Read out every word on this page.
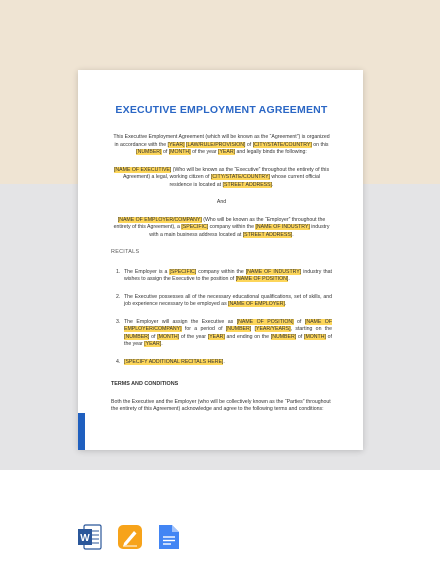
EXECUTIVE EMPLOYMENT AGREEMENT

This Executive Employment Agreement (which will be known as the “Agreement”) is organized in accordance with the [YEAR] [LAW/RULE/PROVISION] of [CITY/STATE/COUNTRY] on this [NUMBER] of [MONTH] of the year [YEAR] and legally binds the following:

[NAME OF EXECUTIVE] (Who will be known as the “Executive” throughout the entirety of this Agreement) a legal, working citizen of [CITY/STATE/COUNTRY] whose current official residence is located at [STREET ADDRESS].

And

[NAME OF EMPLOYER/COMPANY] (Who will be known as the “Employer” throughout the entirety of this Agreement), a [SPECIFIC] company within the [NAME OF INDUSTRY] industry with a main business address located at [STREET ADDRESS].

RECITALS
1. The Employer is a [SPECIFIC] company within the [NAME OF INDUSTRY] industry that wishes to assign the Executive to the position of [NAME OF POSITION].
2. The Executive possesses all of the necessary educational qualifications, set of skills, and job experience necessary to be employed as [NAME OF EMPLOYER].
3. The Employer will assign the Executive as [NAME OF POSITION] of [NAME OF EMPLOYER/COMPANY] for a period of [NUMBER] [YEAR/YEARS], starting on the [NUMBER] of [MONTH] of the year [YEAR] and ending on the [NUMBER] of [MONTH] of the year [YEAR].
4. [SPECIFY ADDITIONAL RECITALS HERE].
TERMS AND CONDITIONS

Both the Executive and the Employer (who will be collectively known as the “Parties” throughout the entirety of this Agreement) acknowledge and agree to the following terms and conditions:

W
